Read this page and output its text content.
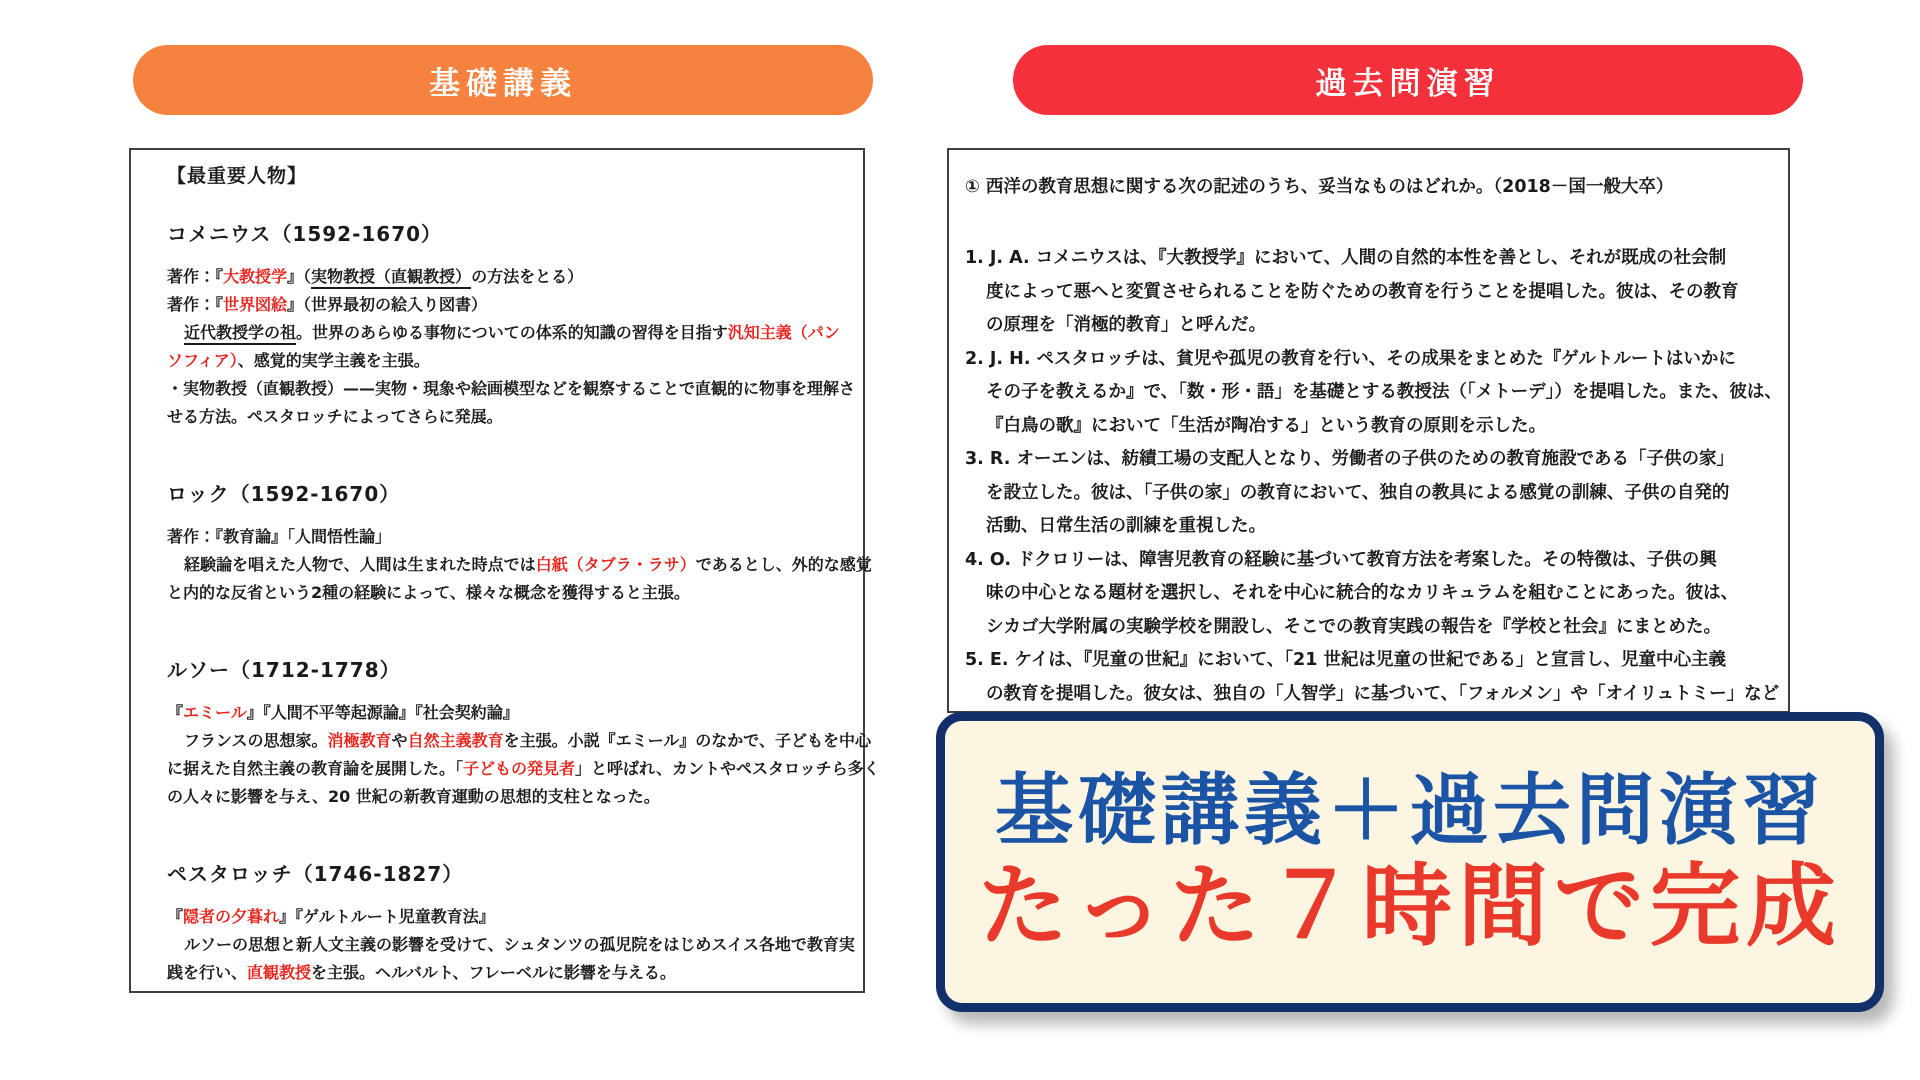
基礎講義	過去問演習
【最重要人物】
コメニウス（1592-1670）
著作：『大教授学』（実物教授（直観教授）の方法をとる）
著作：『世界図絵』（世界最初の絵入り図書）
近代教授学の祖。世界のあらゆる事物についての体系的知識の習得を目指す汎知主義（パン
ソフィア）、感覚的実学主義を主張。
・実物教授（直観教授）——実物・現象や絵画模型などを観察することで直観的に物事を理解さ
せる方法。ペスタロッチによってさらに発展。
ロック（1592-1670）
著作：『教育論』「人間悟性論」
経験論を唱えた人物で、人間は生まれた時点では白紙（タブラ・ラサ）であるとし、外的な感覚
と内的な反省という2種の経験によって、様々な概念を獲得すると主張。
ルソー（1712-1778）
『エミール』『人間不平等起源論』『社会契約論』
フランスの思想家。消極教育や自然主義教育を主張。小説『エミール』のなかで、子どもを中心
に据えた自然主義の教育論を展開した。「子どもの発見者」と呼ばれ、カントやペスタロッチら多く
の人々に影響を与え、20 世紀の新教育運動の思想的支柱となった。
ペスタロッチ（1746-1827）
『隠者の夕暮れ』『ゲルトルート児童教育法』
ルソーの思想と新人文主義の影響を受けて、シュタンツの孤児院をはじめスイス各地で教育実
践を行い、直観教授を主張。ヘルバルト、フレーベルに影響を与える。
① 西洋の教育思想に関する次の記述のうち、妥当なものはどれか。（2018－国一般大卒）
1. J. A. コメニウスは、『大教授学』において、人間の自然的本性を善とし、それが既成の社会制
度によって悪へと変質させられることを防ぐための教育を行うことを提唱した。彼は、その教育
の原理を「消極的教育」と呼んだ。
2. J. H. ペスタロッチは、貧児や孤児の教育を行い、その成果をまとめた『ゲルトルートはいかに
その子を教えるか』で、「数・形・語」を基礎とする教授法（「メトーデ」）を提唱した。また、彼は、
『白鳥の歌』において「生活が陶冶する」という教育の原則を示した。
3. R. オーエンは、紡績工場の支配人となり、労働者の子供のための教育施設である「子供の家」
を設立した。彼は、「子供の家」の教育において、独自の教具による感覚の訓練、子供の自発的
活動、日常生活の訓練を重視した。
4. O. ドクロリーは、障害児教育の経験に基づいて教育方法を考案した。その特徴は、子供の興
味の中心となる題材を選択し、それを中心に統合的なカリキュラムを組むことにあった。彼は、
シカゴ大学附属の実験学校を開設し、そこでの教育実践の報告を『学校と社会』にまとめた。
5. E. ケイは、『児童の世紀』において、「21 世紀は児童の世紀である」と宣言し、児童中心主義
の教育を提唱した。彼女は、独自の「人智学」に基づいて、「フォルメン」や「オイリュトミー」など
基礎講義＋過去問演習
たった７時間で完成
